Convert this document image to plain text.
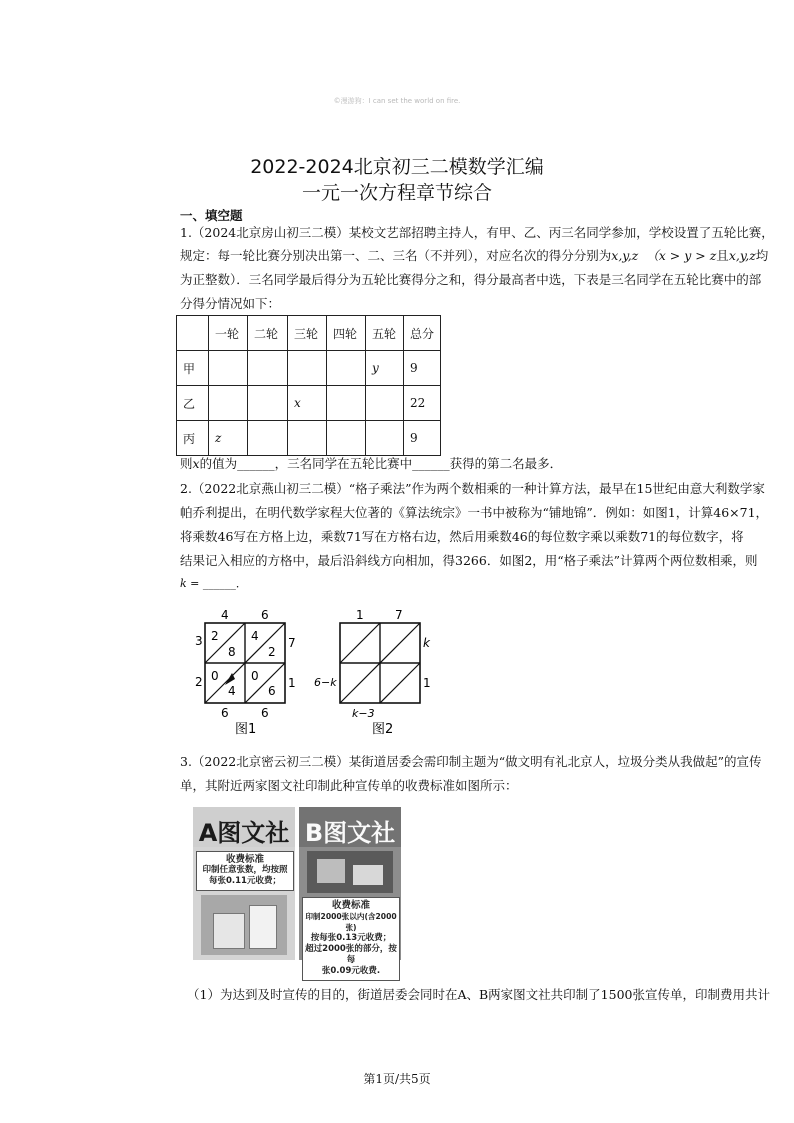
©漫游狗：I can set the world on fire.
2022-2024北京初三二模数学汇编
一元一次方程章节综合
一、填空题
1.（2024北京房山初三二模）某校文艺部招聘主持人，有甲、乙、丙三名同学参加，学校设置了五轮比赛，
规定：每一轮比赛分别决出第一、二、三名（不并列），对应名次的得分分别为x,y,z （x > y > z且x,y,z均
为正整数）．三名同学最后得分为五轮比赛得分之和，得分最高者中选，下表是三名同学在五轮比赛中的部
分得分情况如下：
	一轮	二轮	三轮	四轮	五轮	总分
甲					y	9
乙			x			22
丙	z					9
则x的值为______，三名同学在五轮比赛中______获得的第二名最多．
2.（2022北京燕山初三二模）“格子乘法”作为两个数相乘的一种计算方法，最早在15世纪由意大利数学家
帕乔利提出，在明代数学家程大位著的《算法统宗》一书中被称为“铺地锦”．例如：如图1，计算46×71，
将乘数46写在方格上边，乘数71写在方格右边，然后用乘数46的每位数字乘以乘数71的每位数字，将
结果记入相应的方格中，最后沿斜线方向相加，得3266．如图2，用“格子乘法”计算两个两位数相乘，则
k = ______．
4	6
3
2
7
1
6	6
2
8
4
2
0
4
0
6
图1
1	7
k
1
6−k
k−3
图2
3.（2022北京密云初三二模）某街道居委会需印制主题为“做文明有礼北京人，垃圾分类从我做起”的宣传
单，其附近两家图文社印制此种宣传单的收费标准如图所示：
A图文社
收费标准
印制任意张数，均按照
每张0.11元收费；
B图文社
收费标准
印制2000张以内(含2000张)
按每张0.13元收费；
超过2000张的部分，按每
张0.09元收费.
（1）为达到及时宣传的目的，街道居委会同时在A、B两家图文社共印制了1500张宣传单，印制费用共计
第1页/共5页
